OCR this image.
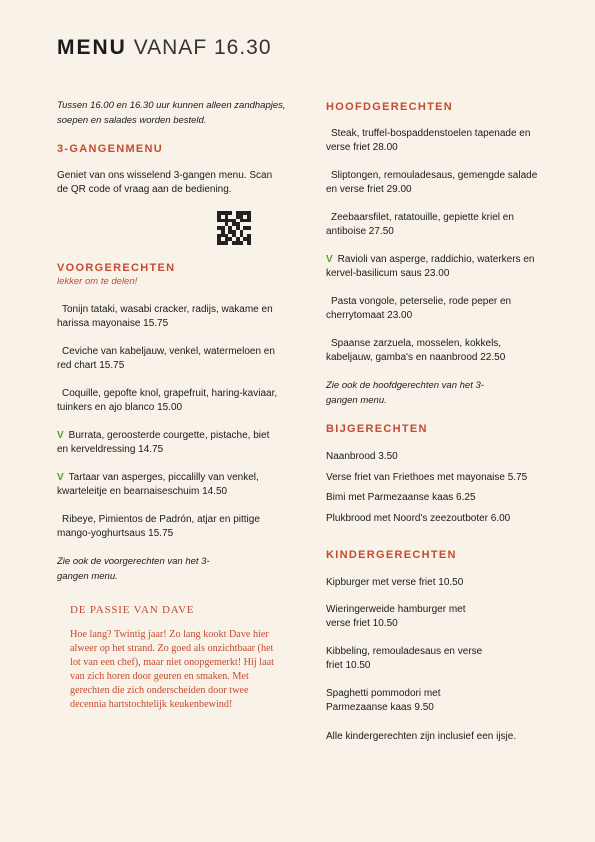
MENU VANAF 16.30

Tussen 16.00 en 16.30 uur kunnen alleen zandhapjes, soepen en salades worden besteld.

3-GANGENMENU

Geniet van ons wisselend 3-gangen menu. Scan de QR code of vraag aan de bediening.

VOORGERECHTEN

lekker om te delen!

Tonijn tataki, wasabi cracker, radijs, wakame en harissa mayonaise 15.75

Ceviche van kabeljauw, venkel, watermeloen en red chart 15.75

Coquille, gepofte knol, grapefruit, haring-kaviaar, tuinkers en ajo blanco 15.00

V Burrata, geroosterde courgette, pistache, biet en kerveldressing 14.75

V Tartaar van asperges, piccalilly van venkel, kwarteleitje en bearnaiseschuim 14.50

Ribeye, Pimientos de Padrón, atjar en pittige mango-yoghurtsaus 15.75

Zie ook de voorgerechten van het 3-gangen menu.

DE PASSIE VAN DAVE

Hoe lang? Twintig jaar! Zo lang kookt Dave hier alweer op het strand. Zo goed als onzichtbaar (het lot van een chef), maar niet onopgemerkt! Hij laat van zich horen door geuren en smaken. Met gerechten die zich onderscheiden door twee decennia hartstochtelijk keukenbewind!

HOOFDGERECHTEN

Steak, truffel-bospaddenstoelen tapenade en verse friet 28.00

Sliptongen, remouladesaus, gemengde salade en verse friet 29.00

Zeebaarsfilet, ratatouille, gepiette kriel en antiboise 27.50

V Ravioli van asperge, raddichio, waterkers en kervel-basilicum saus 23.00

Pasta vongole, peterselie, rode peper en cherrytomaat 23.00

Spaanse zarzuela, mosselen, kokkels, kabeljauw, gamba's en naanbrood 22.50

Zie ook de hoofdgerechten van het 3-gangen menu.

BIJGERECHTEN

Naanbrood 3.50

Verse friet van Friethoes met mayonaise 5.75

Bimi met Parmezaanse kaas 6.25

Plukbrood met Noord's zeezoutboter 6.00

KINDERGERECHTEN

Kipburger met verse friet 10.50

Wieringerweide hamburger met verse friet 10.50

Kibbeling, remouladesaus en verse friet 10.50

Spaghetti pommodori met Parmezaanse kaas 9.50

Alle kindergerechten zijn inclusief een ijsje.
